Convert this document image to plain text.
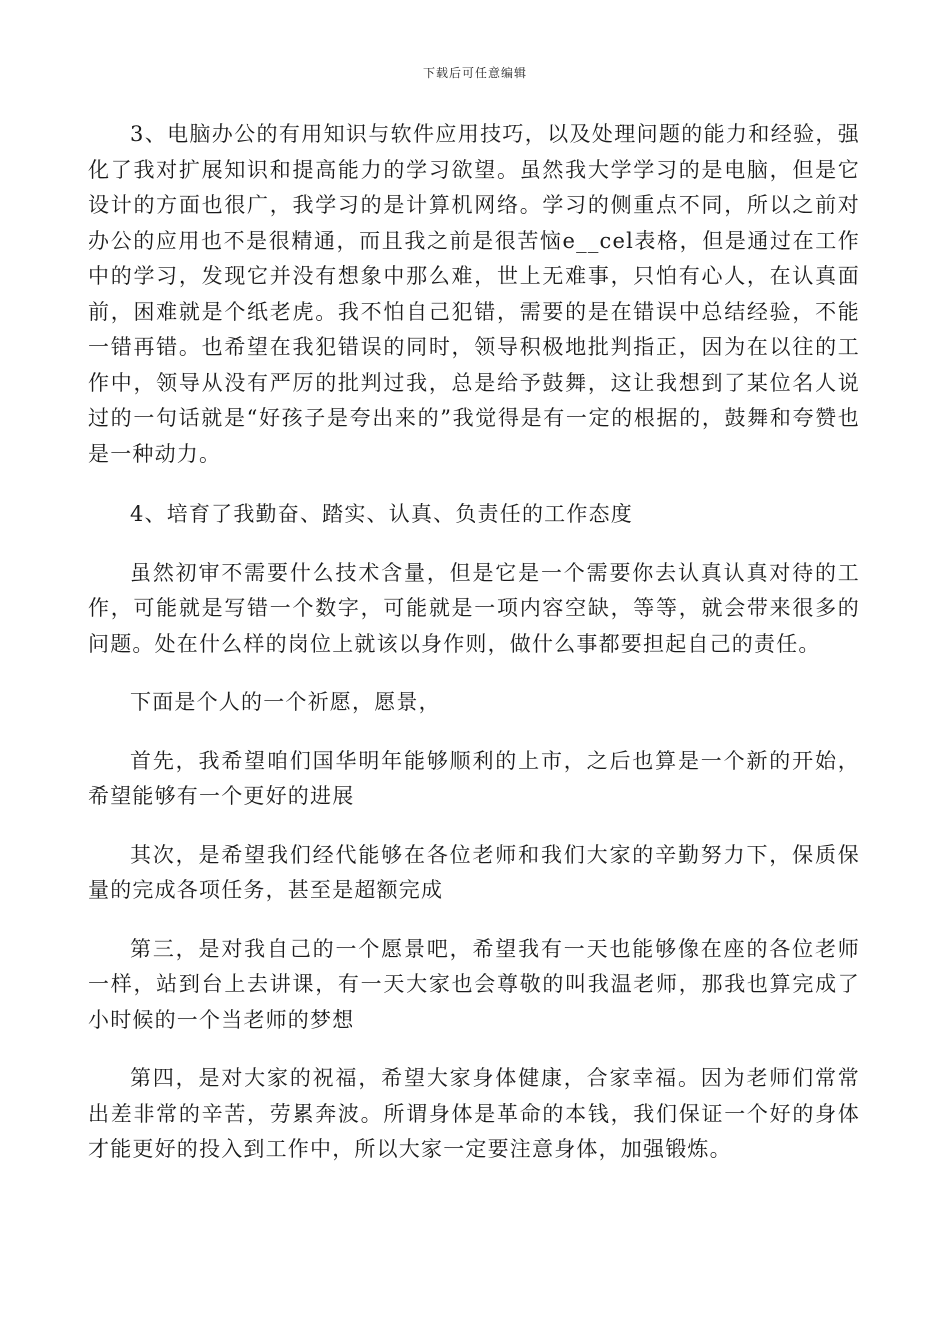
下载后可任意编辑

3、电脑办公的有用知识与软件应用技巧，以及处理问题的能力和经验，强化了我对扩展知识和提高能力的学习欲望。虽然我大学学习的是电脑，但是它设计的方面也很广，我学习的是计算机网络。学习的侧重点不同，所以之前对办公的应用也不是很精通，而且我之前是很苦恼e__cel表格，但是通过在工作中的学习，发现它并没有想象中那么难，世上无难事，只怕有心人，在认真面前，困难就是个纸老虎。我不怕自己犯错，需要的是在错误中总结经验，不能一错再错。也希望在我犯错误的同时，领导积极地批判指正，因为在以往的工作中，领导从没有严厉的批判过我，总是给予鼓舞，这让我想到了某位名人说过的一句话就是“好孩子是夸出来的”我觉得是有一定的根据的，鼓舞和夸赞也是一种动力。

4、培育了我勤奋、踏实、认真、负责任的工作态度

虽然初审不需要什么技术含量，但是它是一个需要你去认真认真对待的工作，可能就是写错一个数字，可能就是一项内容空缺，等等，就会带来很多的问题。处在什么样的岗位上就该以身作则，做什么事都要担起自己的责任。

下面是个人的一个祈愿，愿景，

首先，我希望咱们国华明年能够顺利的上市，之后也算是一个新的开始，希望能够有一个更好的进展

其次，是希望我们经代能够在各位老师和我们大家的辛勤努力下，保质保量的完成各项任务，甚至是超额完成

第三，是对我自己的一个愿景吧，希望我有一天也能够像在座的各位老师一样，站到台上去讲课，有一天大家也会尊敬的叫我温老师，那我也算完成了小时候的一个当老师的梦想

第四，是对大家的祝福，希望大家身体健康，合家幸福。因为老师们常常出差非常的辛苦，劳累奔波。所谓身体是革命的本钱，我们保证一个好的身体才能更好的投入到工作中，所以大家一定要注意身体，加强锻炼。
